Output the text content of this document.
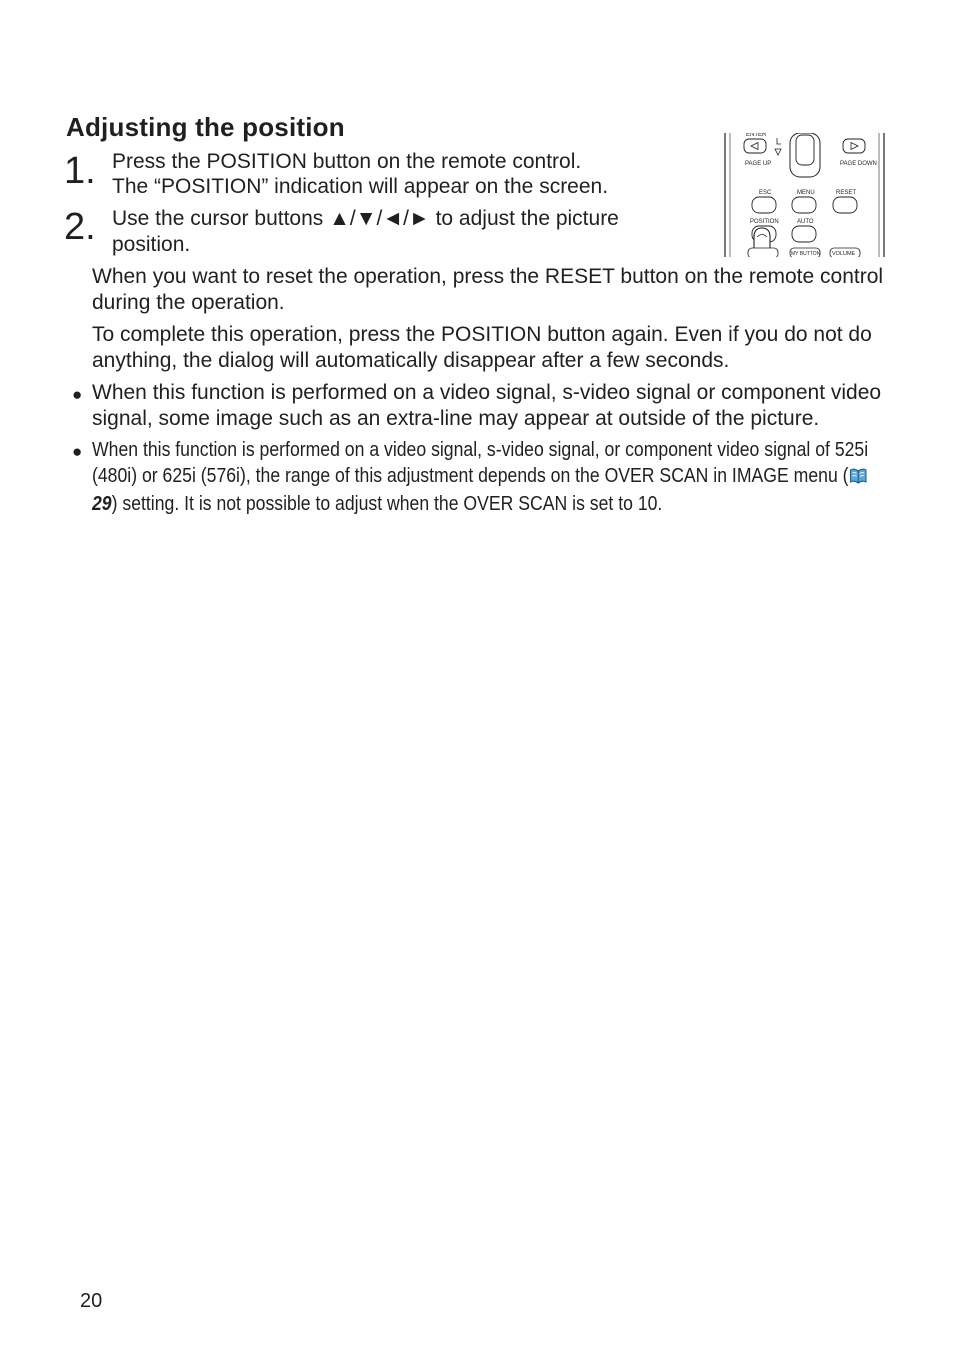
Adjusting the position
1. Press the POSITION button on the remote control.
The “POSITION” indication will appear on the screen.
2. Use the cursor buttons ▲/▼/◄/► to adjust the picture
position.
When you want to reset the operation, press the RESET button on the remote control during the operation.
To complete this operation, press the POSITION button again. Even if you do not do anything, the dialog will automatically disappear after a few seconds.
● When this function is performed on a video signal, s-video signal or component video signal, some image such as an extra-line may appear at outside of the picture.
● When this function is performed on a video signal, s-video signal, or component video signal of 525i (480i) or 625i (576i), the range of this adjustment depends on the OVER SCAN in IMAGE menu (29) setting. It is not possible to adjust when the OVER SCAN is set to 10.
ENTER
PAGE UP	PAGE DOWN
ESC	MENU	RESET
POSITION	AUTO
MY BUTTON VOLUME
20
